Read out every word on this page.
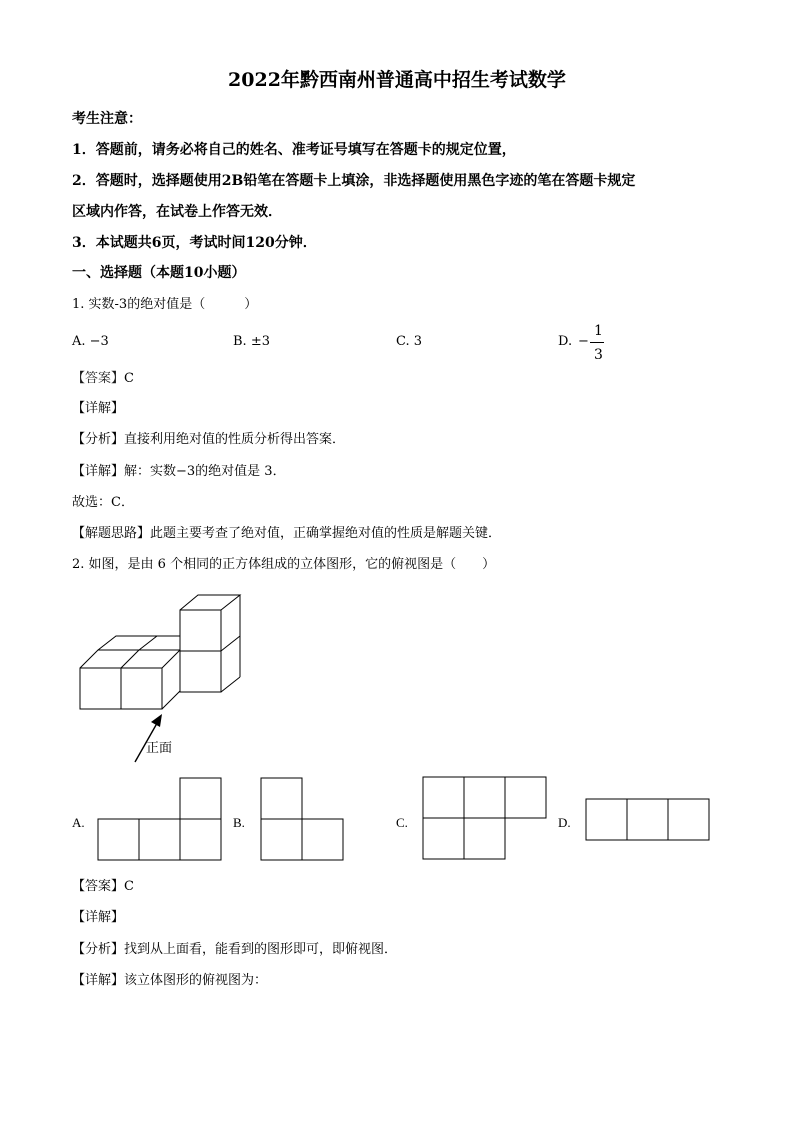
2022年黔西南州普通高中招生考试数学
考生注意：
1．答题前，请务必将自己的姓名、准考证号填写在答题卡的规定位置，
2．答题时，选择题使用2B铅笔在答题卡上填涂，非选择题使用黑色字迹的笔在答题卡规定
区域内作答，在试卷上作答无效．
3．本试题共6页，考试时间120分钟．
一、选择题（本题10小题）
1. 实数-3的绝对值是（　　　）
A. −3	B. ±3	C. 3	D. −
1
3
【答案】C
【详解】
【分析】直接利用绝对值的性质分析得出答案．
【详解】解：实数−3的绝对值是 3．
故选：C．
【解题思路】此题主要考查了绝对值，正确掌握绝对值的性质是解题关键．
2. 如图，是由 6 个相同的正方体组成的立体图形，它的俯视图是（　　）
正面
A.	B.	C.	D.
【答案】C
【详解】
【分析】找到从上面看，能看到的图形即可，即俯视图．
【详解】该立体图形的俯视图为：
